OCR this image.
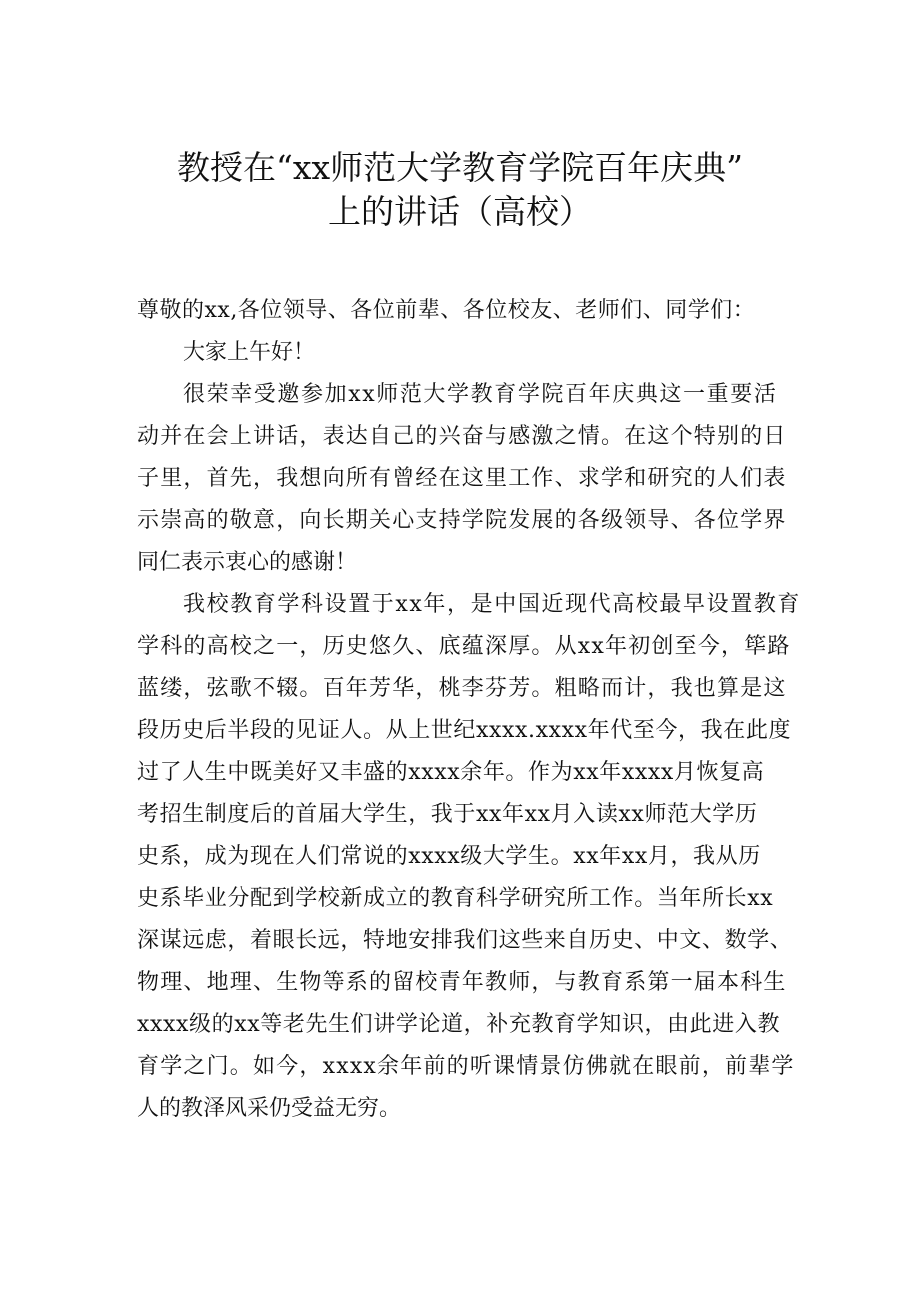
教授在“xx师范大学教育学院百年庆典”
上的讲话（高校）
尊敬的xx,各位领导、各位前辈、各位校友、老师们、同学们：
大家上午好！
很荣幸受邀参加xx师范大学教育学院百年庆典这一重要活
动并在会上讲话，表达自己的兴奋与感激之情。在这个特别的日
子里，首先，我想向所有曾经在这里工作、求学和研究的人们表
示崇高的敬意，向长期关心支持学院发展的各级领导、各位学界
同仁表示衷心的感谢！
我校教育学科设置于xx年，是中国近现代高校最早设置教育
学科的高校之一，历史悠久、底蕴深厚。从xx年初创至今，筚路
蓝缕，弦歌不辍。百年芳华，桃李芬芳。粗略而计，我也算是这
段历史后半段的见证人。从上世纪xxxx.xxxx年代至今，我在此度
过了人生中既美好又丰盛的xxxx余年。作为xx年xxxx月恢复高
考招生制度后的首届大学生，我于xx年xx月入读xx师范大学历
史系，成为现在人们常说的xxxx级大学生。xx年xx月，我从历
史系毕业分配到学校新成立的教育科学研究所工作。当年所长xx
深谋远虑，着眼长远，特地安排我们这些来自历史、中文、数学、
物理、地理、生物等系的留校青年教师，与教育系第一届本科生
xxxx级的xx等老先生们讲学论道，补充教育学知识，由此进入教
育学之门。如今，xxxx余年前的听课情景仿佛就在眼前，前辈学
人的教泽风采仍受益无穷。
